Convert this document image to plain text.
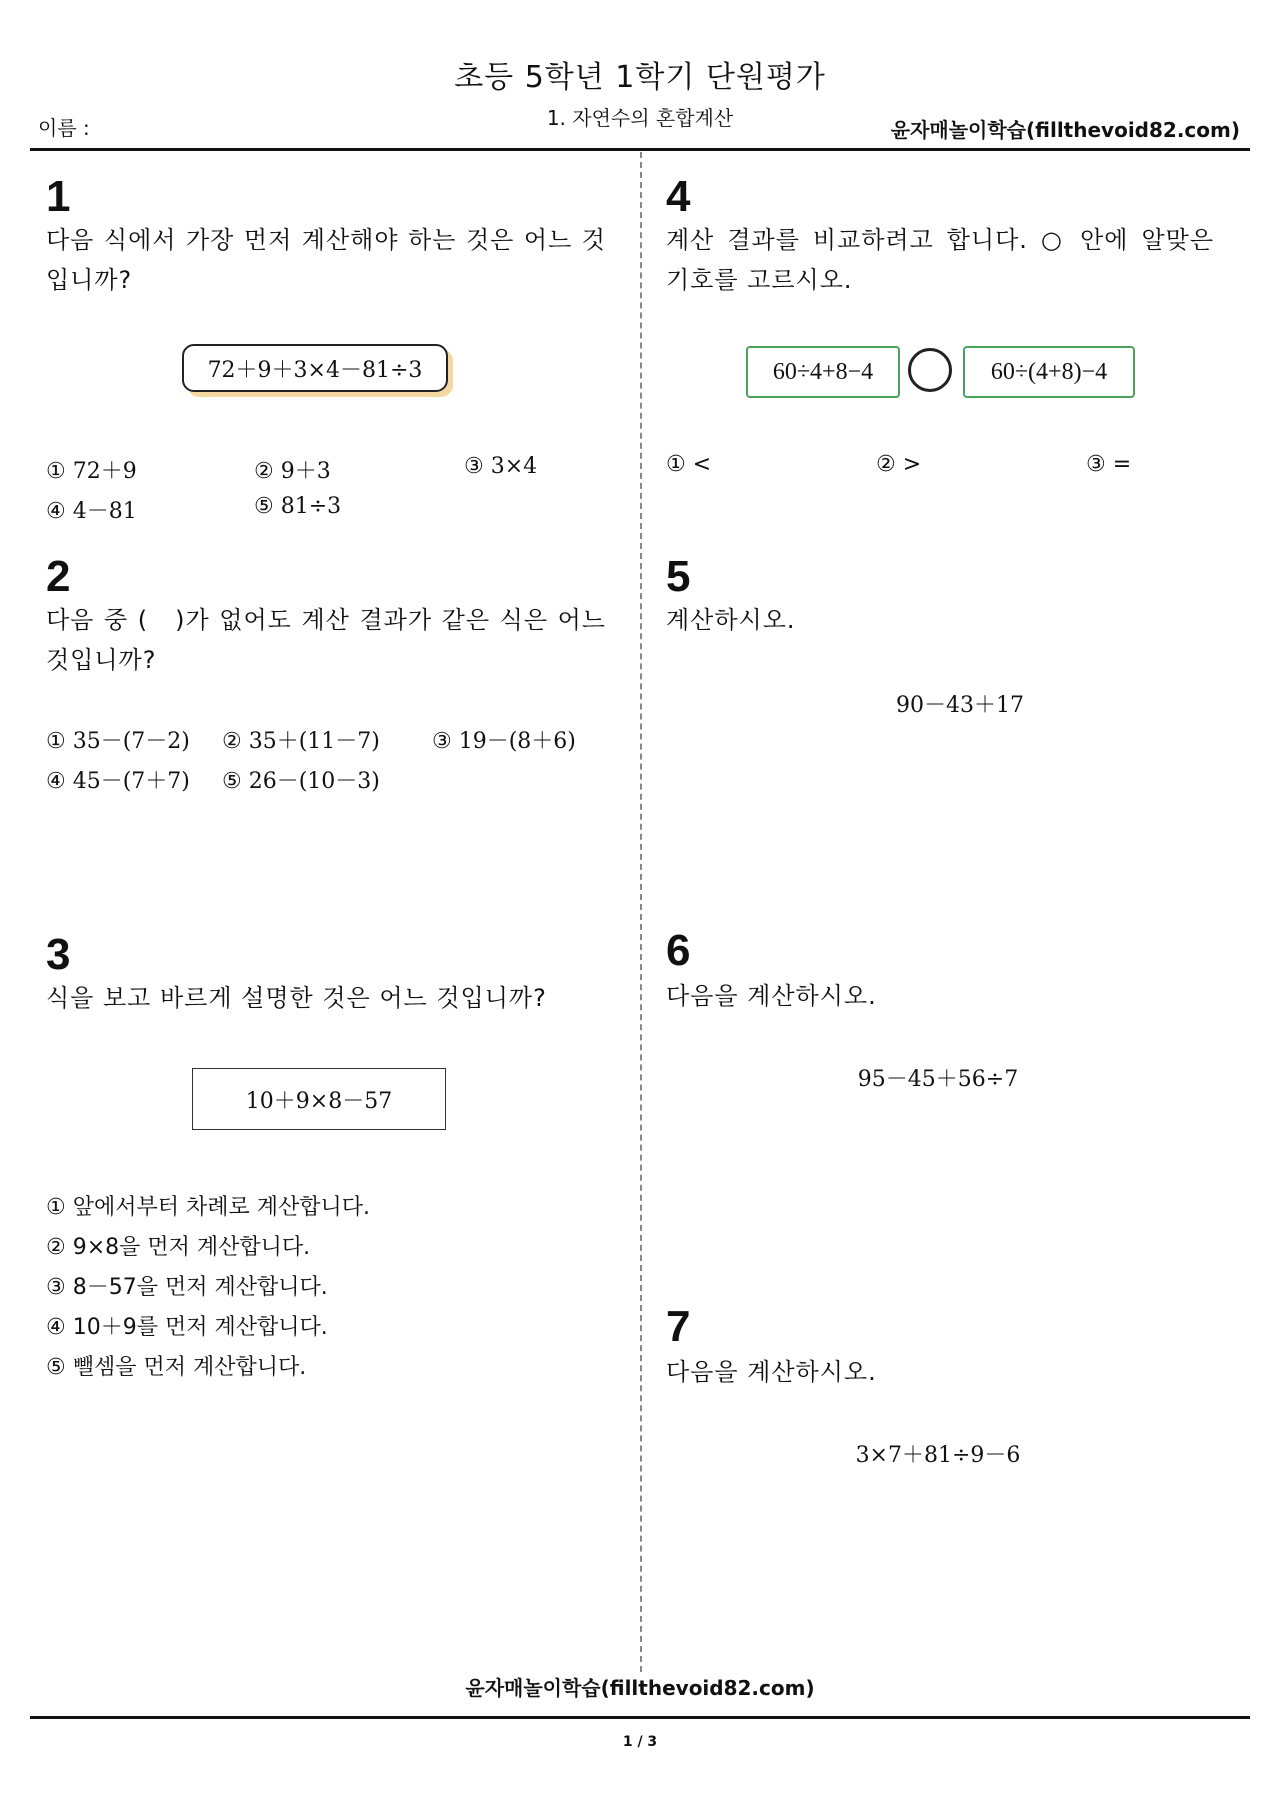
초등 5학년 1학기 단원평가
1. 자연수의 혼합계산
이름 :	윤자매놀이학습(fillthevoid82.com)
1
다음 식에서 가장 먼저 계산해야 하는 것은 어느 것입니까?
72＋9＋3×4－81÷3
① 72＋9	② 9＋3	③ 3×4
④ 4－81	⑤ 81÷3
2
다음 중 (　)가 없어도 계산 결과가 같은 식은 어느 것입니까?
① 35－(7－2) ② 35＋(11－7) ③ 19－(8＋6)
④ 45－(7＋7) ⑤ 26－(10－3)
3
식을 보고 바르게 설명한 것은 어느 것입니까?
10＋9×8－57
① 앞에서부터 차례로 계산합니다.
② 9×8을 먼저 계산합니다.
③ 8－57을 먼저 계산합니다.
④ 10＋9를 먼저 계산합니다.
⑤ 뺄셈을 먼저 계산합니다.
4
계산 결과를 비교하려고 합니다. ○ 안에 알맞은 기호를 고르시오.
60÷4+8−4	60÷(4+8)−4
① <	② >	③ =
5
계산하시오.
90－43＋17
6
다음을 계산하시오.
95－45＋56÷7
7
다음을 계산하시오.
3×7＋81÷9－6
윤자매놀이학습(fillthevoid82.com)
1 / 3
